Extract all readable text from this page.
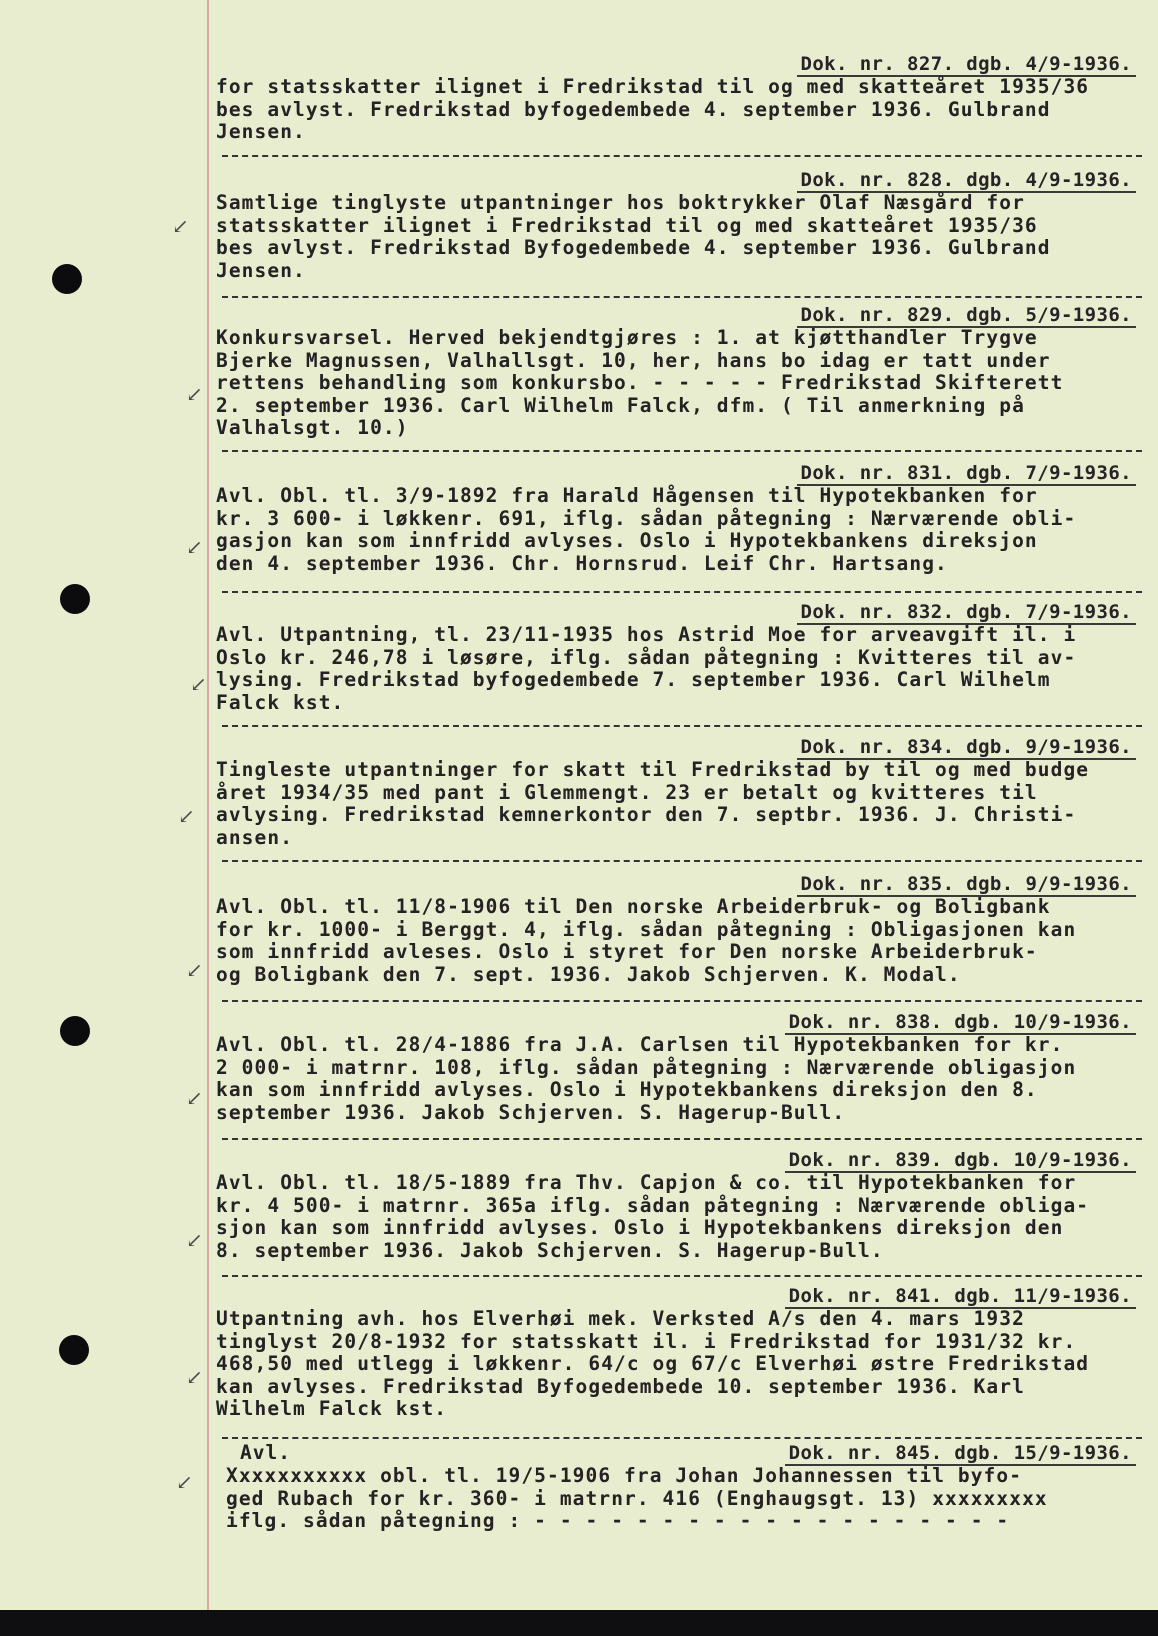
Dok. nr. 827. dgb. 4/9-1936.
for statsskatter ilignet i Fredrikstad til og med skatteåret 1935/36
bes avlyst. Fredrikstad byfogedembede 4. september 1936. Gulbrand
Jensen.
Dok. nr. 828. dgb. 4/9-1936.
Samtlige tinglyste utpantninger hos boktrykker Olaf Næsgård for
statsskatter ilignet i Fredrikstad til og med skatteåret 1935/36
bes avlyst. Fredrikstad Byfogedembede 4. september 1936. Gulbrand
Jensen.
Dok. nr. 829. dgb. 5/9-1936.
Konkursvarsel. Herved bekjendtgjøres : 1. at kjøtthandler Trygve
Bjerke Magnussen, Valhallsgt. 10, her, hans bo idag er tatt under
rettens behandling som konkursbo. - - - - - Fredrikstad Skifterett
2. september 1936. Carl Wilhelm Falck, dfm. ( Til anmerkning på
Valhalsgt. 10.)
Dok. nr. 831. dgb. 7/9-1936.
Avl. Obl. tl. 3/9-1892 fra Harald Hågensen til Hypotekbanken for
kr. 3 600- i løkkenr. 691, iflg. sådan påtegning : Nærværende obli-
gasjon kan som innfridd avlyses. Oslo i Hypotekbankens direksjon
den 4. september 1936. Chr. Hornsrud. Leif Chr. Hartsang.
Dok. nr. 832. dgb. 7/9-1936.
Avl. Utpantning, tl. 23/11-1935 hos Astrid Moe for arveavgift il. i
Oslo kr. 246,78 i løsøre, iflg. sådan påtegning : Kvitteres til av-
lysing. Fredrikstad byfogedembede 7. september 1936. Carl Wilhelm
Falck kst.
Dok. nr. 834. dgb. 9/9-1936.
Tingleste utpantninger for skatt til Fredrikstad by til og med budge
året 1934/35 med pant i Glemmengt. 23 er betalt og kvitteres til
avlysing. Fredrikstad kemnerkontor den 7. septbr. 1936. J. Christi-
ansen.
Dok. nr. 835. dgb. 9/9-1936.
Avl. Obl. tl. 11/8-1906 til Den norske Arbeiderbruk- og Boligbank
for kr. 1000- i Berggt. 4, iflg. sådan påtegning : Obligasjonen kan
som innfridd avleses. Oslo i styret for Den norske Arbeiderbruk-
og Boligbank den 7. sept. 1936. Jakob Schjerven. K. Modal.
Dok. nr. 838. dgb. 10/9-1936.
Avl. Obl. tl. 28/4-1886 fra J.A. Carlsen til Hypotekbanken for kr.
2 000- i matrnr. 108, iflg. sådan påtegning : Nærværende obligasjon
kan som innfridd avlyses. Oslo i Hypotekbankens direksjon den 8.
september 1936. Jakob Schjerven. S. Hagerup-Bull.
Dok. nr. 839. dgb. 10/9-1936.
Avl. Obl. tl. 18/5-1889 fra Thv. Capjon & co. til Hypotekbanken for
kr. 4 500- i matrnr. 365a iflg. sådan påtegning : Nærværende obliga-
sjon kan som innfridd avlyses. Oslo i Hypotekbankens direksjon den
8. september 1936. Jakob Schjerven. S. Hagerup-Bull.
Dok. nr. 841. dgb. 11/9-1936.
Utpantning avh. hos Elverhøi mek. Verksted A/s den 4. mars 1932
tinglyst 20/8-1932 for statsskatt il. i Fredrikstad for 1931/32 kr.
468,50 med utlegg i løkkenr. 64/c og 67/c Elverhøi østre Fredrikstad
kan avlyses. Fredrikstad Byfogedembede 10. september 1936. Karl
Wilhelm Falck kst.
Avl.	Dok. nr. 845. dgb. 15/9-1936.
Xxxxxxxxxxx obl. tl. 19/5-1906 fra Johan Johannessen til byfo-
ged Rubach for kr. 360- i matrnr. 416 (Enghaugsgt. 13) xxxxxxxxx
iflg. sådan påtegning : - - - - - - - - - - - - - - - - - - -
↙
↙
↙
↙
↙
↙
↙
↙
↙
↙
